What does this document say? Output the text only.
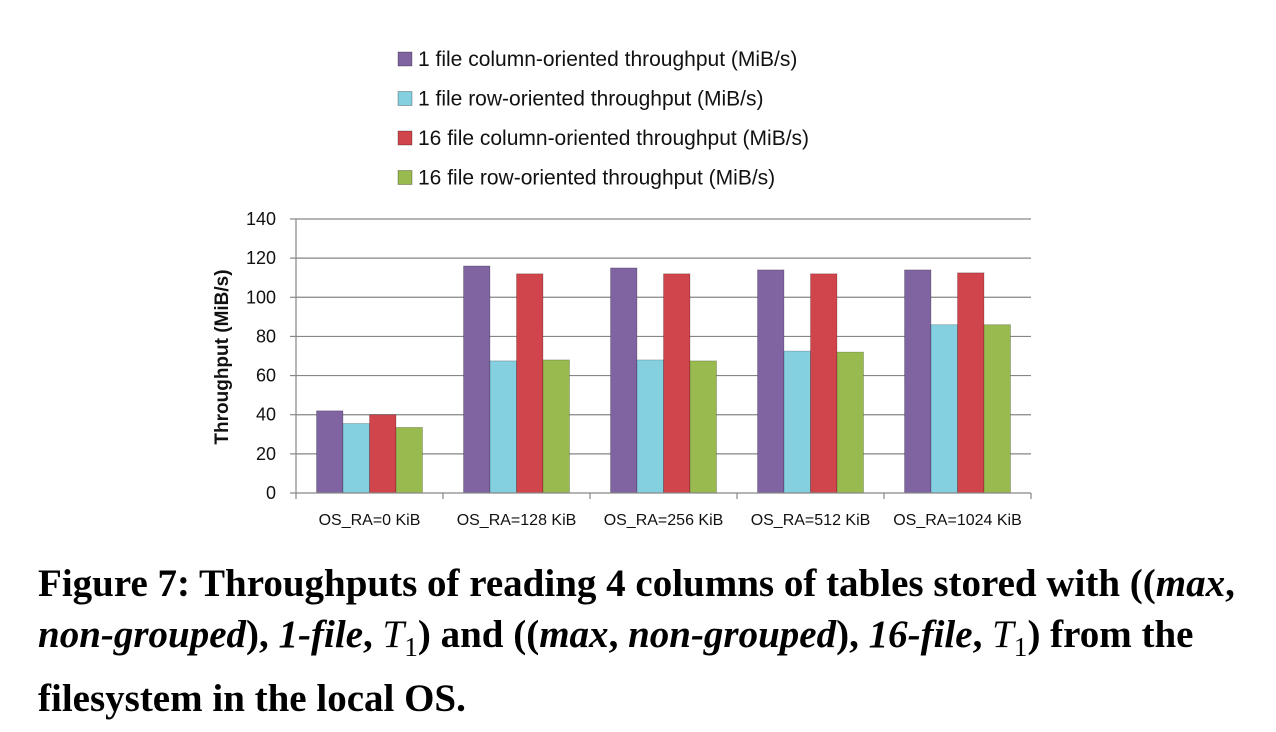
0
20
40
60
80
100
120
140
OS_RA=0 KiB OS_RA=128 KiB OS_RA=256 KiB OS_RA=512 KiB OS_RA=1024 KiB
1 file column-oriented throughput (MiB/s)
1 file row-oriented throughput (MiB/s)
16 file column-oriented throughput (MiB/s)
16 file row-oriented throughput (MiB/s)
Throughput (MiB/s)
Figure 7: Throughputs of reading 4 columns of tables stored with ((max, non-grouped), 1-file, $T_1$) and ((max, non-grouped), 16-file, $T_1$) from the filesystem in the local OS.
